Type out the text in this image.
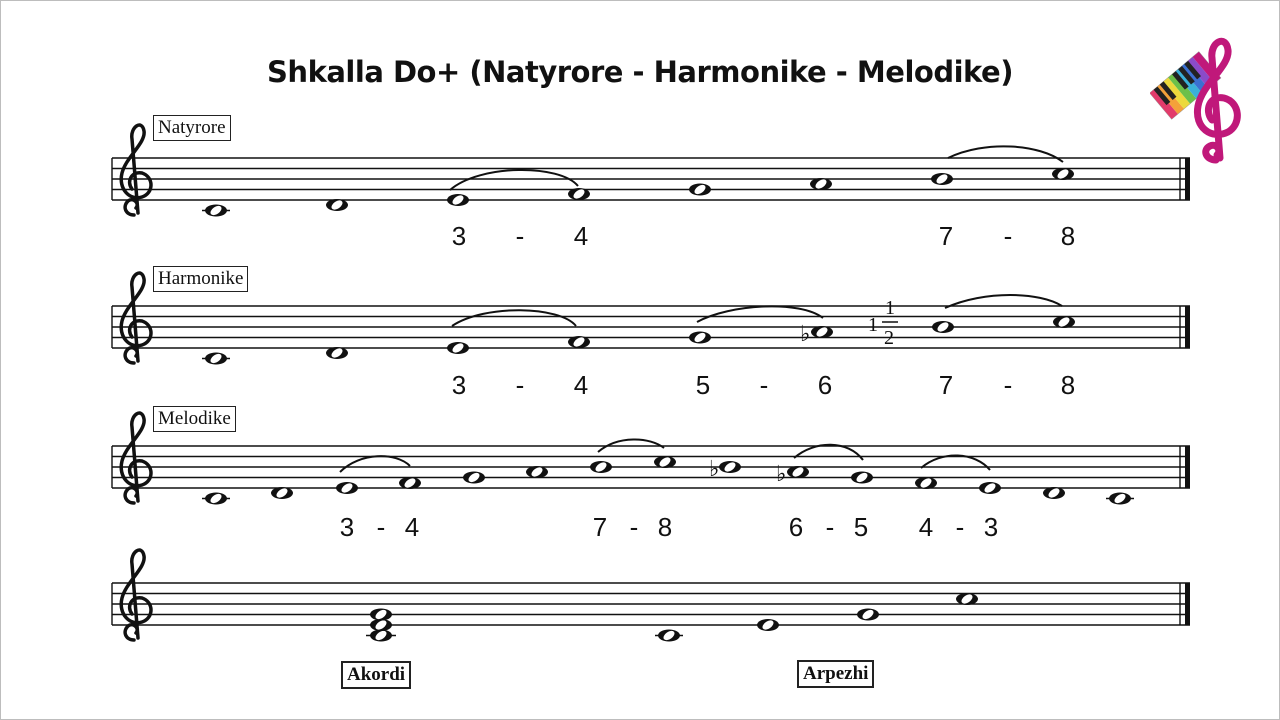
Shkalla Do+ (Natyrore - Harmonike - Melodike)
Natyrore
Harmonike
Melodike
Akordi	Arpezhi
3 - 4	7 - 8
♭	1
1
2
3 - 4	5 - 6	7 - 8
♭	♭
3 - 4	7 - 8	6 - 5 4 - 3
